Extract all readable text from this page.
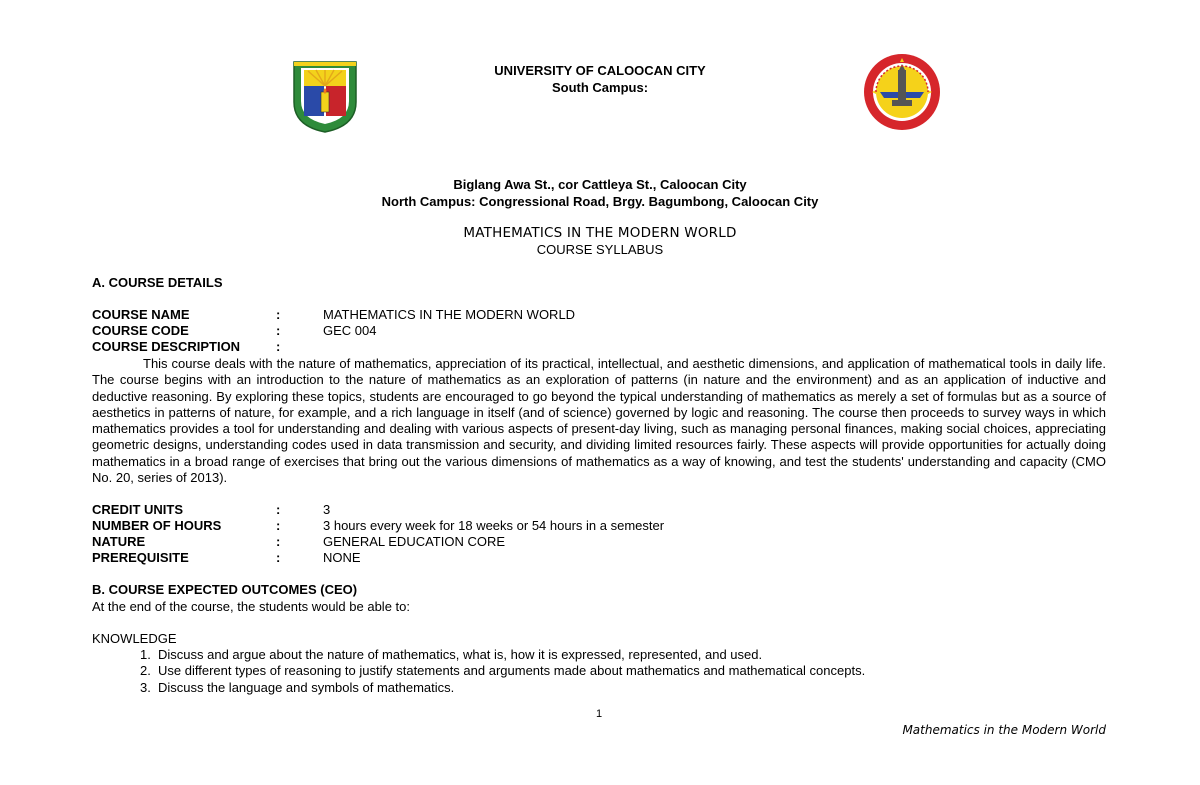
UNIVERSITY OF CALOOCAN CITY
South Campus:
Biglang Awa St., cor Cattleya St., Caloocan City
North Campus: Congressional Road, Brgy. Bagumbong, Caloocan City
MATHEMATICS IN THE MODERN WORLD
COURSE SYLLABUS
A. COURSE DETAILS
COURSE NAME	:	MATHEMATICS IN THE MODERN WORLD
COURSE CODE	:	GEC 004
COURSE DESCRIPTION	:
This course deals with the nature of mathematics, appreciation of its practical, intellectual, and aesthetic dimensions, and application of mathematical tools in daily life. The course begins with an introduction to the nature of mathematics as an exploration of patterns (in nature and the environment) and as an application of inductive and deductive reasoning. By exploring these topics, students are encouraged to go beyond the typical understanding of mathematics as merely a set of formulas but as a source of aesthetics in patterns of nature, for example, and a rich language in itself (and of science) governed by logic and reasoning. The course then proceeds to survey ways in which mathematics provides a tool for understanding and dealing with various aspects of present-day living, such as managing personal finances, making social choices, appreciating geometric designs, understanding codes used in data transmission and security, and dividing limited resources fairly. These aspects will provide opportunities for actually doing mathematics in a broad range of exercises that bring out the various dimensions of mathematics as a way of knowing, and test the students' understanding and capacity (CMO No. 20, series of 2013).
CREDIT UNITS	:	3
NUMBER OF HOURS	:	3 hours every week for 18 weeks or 54 hours in a semester
NATURE	:	GENERAL EDUCATION CORE
PREREQUISITE	:	NONE
B. COURSE EXPECTED OUTCOMES (CEO)
At the end of the course, the students would be able to:
KNOWLEDGE
1. Discuss and argue about the nature of mathematics, what is, how it is expressed, represented, and used.
2. Use different types of reasoning to justify statements and arguments made about mathematics and mathematical concepts.
3. Discuss the language and symbols of mathematics.
1
Mathematics in the Modern World
